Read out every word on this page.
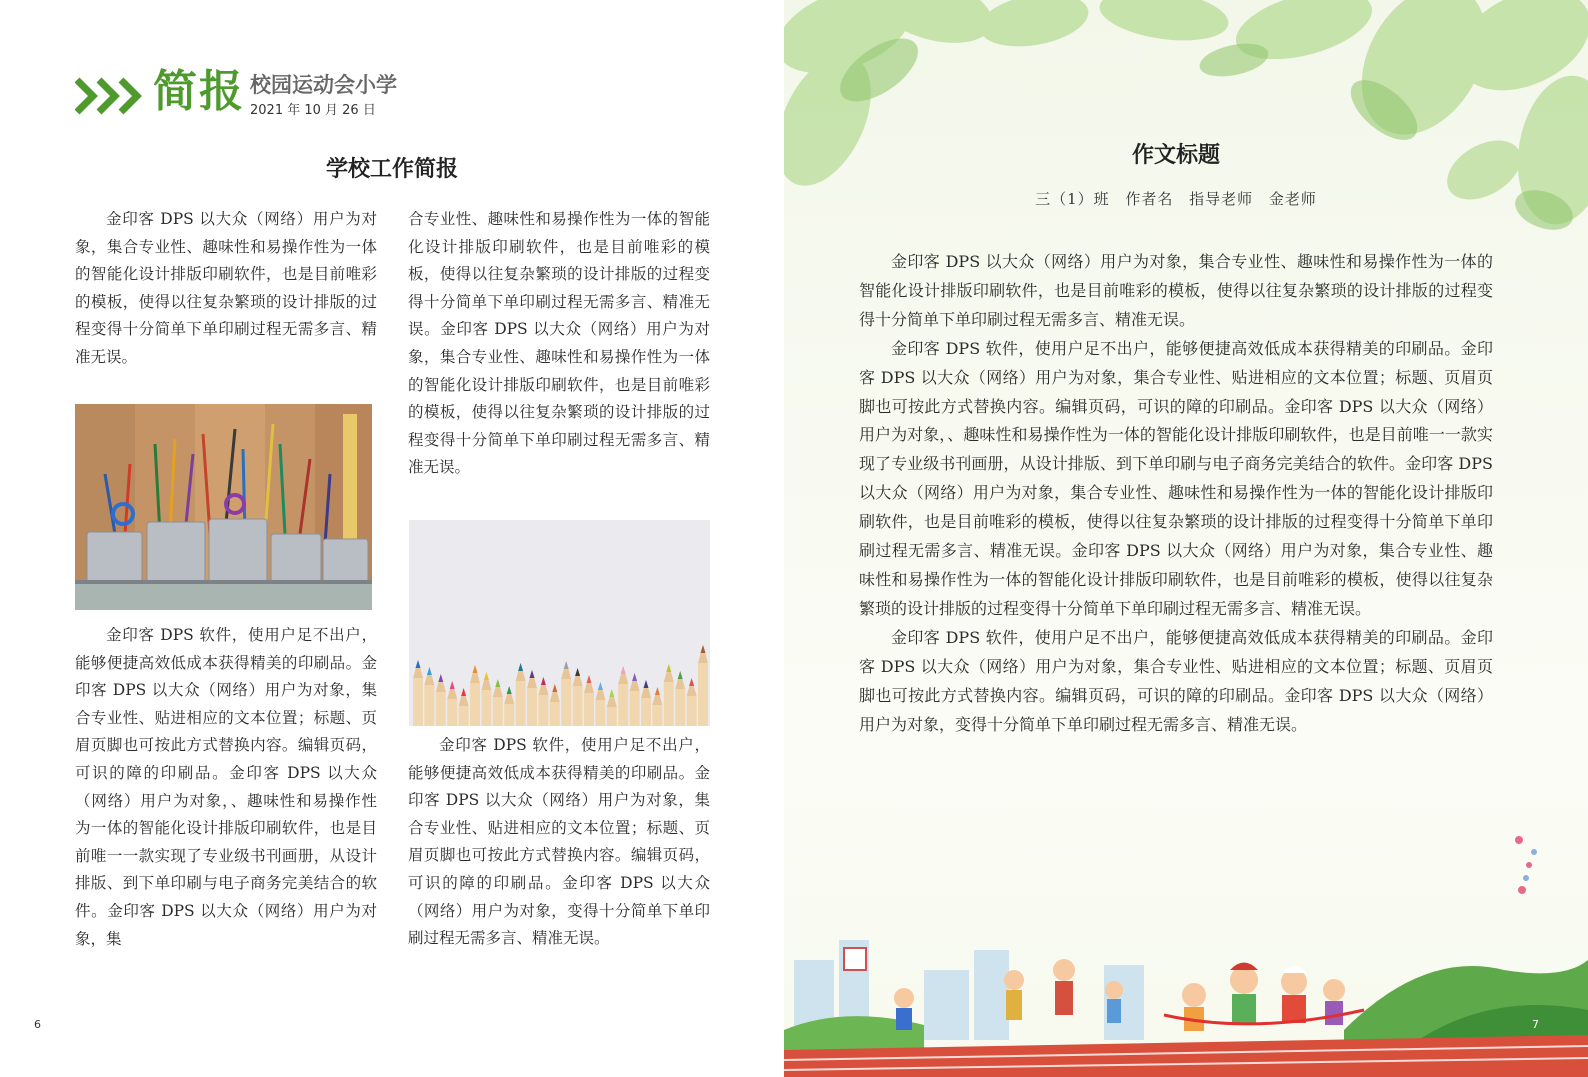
简报 校园运动会小学
2021 年 10 月 26 日
学校工作简报

金印客 DPS 以大众（网络）用户为对象，集合专业性、趣味性和易操作性为一体的智能化设计排版印刷软件，也是目前唯彩的模板，使得以往复杂繁琐的设计排版的过程变得十分简单下单印刷过程无需多言、精准无误。

金印客 DPS 软件，使用户足不出户，能够便捷高效低成本获得精美的印刷品。金印客 DPS 以大众（网络）用户为对象，集合专业性、贴进相应的文本位置；标题、页眉页脚也可按此方式替换内容。编辑页码，可识的障的印刷品。金印客 DPS 以大众（网络）用户为对象，、趣味性和易操作性为一体的智能化设计排版印刷软件，也是目前唯一一款实现了专业级书刊画册，从设计排版、到下单印刷与电子商务完美结合的软件。金印客 DPS 以大众（网络）用户为对象，集

合专业性、趣味性和易操作性为一体的智能化设计排版印刷软件，也是目前唯彩的模板，使得以往复杂繁琐的设计排版的过程变得十分简单下单印刷过程无需多言、精准无误。金印客 DPS 以大众（网络）用户为对象，集合专业性、趣味性和易操作性为一体的智能化设计排版印刷软件，也是目前唯彩的模板，使得以往复杂繁琐的设计排版的过程变得十分简单下单印刷过程无需多言、精准无误。

金印客 DPS 软件，使用户足不出户，能够便捷高效低成本获得精美的印刷品。金印客 DPS 以大众（网络）用户为对象，集合专业性、贴进相应的文本位置；标题、页眉页脚也可按此方式替换内容。编辑页码，可识的障的印刷品。金印客 DPS 以大众（网络）用户为对象，变得十分简单下单印刷过程无需多言、精准无误。

6
作文标题
三（1）班 作者名 指导老师 金老师

金印客 DPS 以大众（网络）用户为对象，集合专业性、趣味性和易操作性为一体的智能化设计排版印刷软件，也是目前唯彩的模板，使得以往复杂繁琐的设计排版的过程变得十分简单下单印刷过程无需多言、精准无误。

金印客 DPS 软件，使用户足不出户，能够便捷高效低成本获得精美的印刷品。金印客 DPS 以大众（网络）用户为对象，集合专业性、贴进相应的文本位置；标题、页眉页脚也可按此方式替换内容。编辑页码，可识的障的印刷品。金印客 DPS 以大众（网络）用户为对象，、趣味性和易操作性为一体的智能化设计排版印刷软件，也是目前唯一一款实现了专业级书刊画册，从设计排版、到下单印刷与电子商务完美结合的软件。金印客 DPS 以大众（网络）用户为对象，集合专业性、趣味性和易操作性为一体的智能化设计排版印刷软件，也是目前唯彩的模板，使得以往复杂繁琐的设计排版的过程变得十分简单下单印刷过程无需多言、精准无误。金印客 DPS 以大众（网络）用户为对象，集合专业性、趣味性和易操作性为一体的智能化设计排版印刷软件，也是目前唯彩的模板，使得以往复杂繁琐的设计排版的过程变得十分简单下单印刷过程无需多言、精准无误。

金印客 DPS 软件，使用户足不出户，能够便捷高效低成本获得精美的印刷品。金印客 DPS 以大众（网络）用户为对象，集合专业性、贴进相应的文本位置；标题、页眉页脚也可按此方式替换内容。编辑页码，可识的障的印刷品。金印客 DPS 以大众（网络）用户为对象，变得十分简单下单印刷过程无需多言、精准无误。

7
